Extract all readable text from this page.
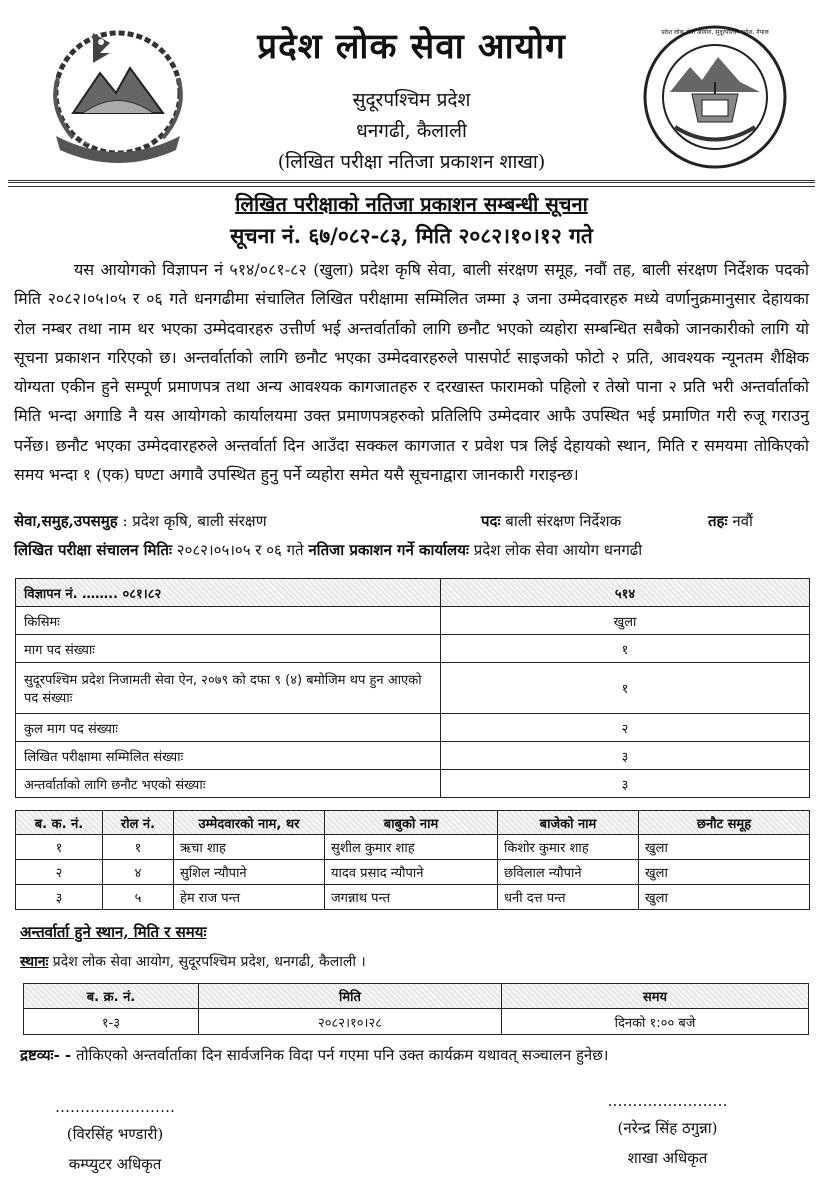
जननी जन्मभूमिश्च स्वर्गादपि गरीयसी
प्रदेश लोक सेवा आयोग, सुदूरपश्चिम प्रदेश, नेपाल
प्रदेश लोक सेवा आयोग
सुदूरपश्चिम प्रदेश
धनगढी, कैलाली
(लिखित परीक्षा नतिजा प्रकाशन शाखा)
लिखित परीक्षाको नतिजा प्रकाशन सम्बन्धी सूचना
सूचना नं. ६७/०८२-८३, मिति २०८२।१०।१२ गते
यस आयोगको विज्ञापन नं ५१४/०८१-८२ (खुला) प्रदेश कृषि सेवा, बाली संरक्षण समूह, नवौं तह, बाली संरक्षण निर्देशक पदको मिति २०८२।०५।०५ र ०६ गते धनगढीमा संचालित लिखित परीक्षामा सम्मिलित जम्मा ३ जना उम्मेदवारहरु मध्ये वर्णानुक्रमानुसार देहायका रोल नम्बर तथा नाम थर भएका उम्मेदवारहरु उत्तीर्ण भई अन्तर्वार्ताको लागि छनौट भएको व्यहोरा सम्बन्धित सबैको जानकारीको लागि यो सूचना प्रकाशन गरिएको छ। अन्तर्वार्ताको लागि छनौट भएका उम्मेदवारहरुले पासपोर्ट साइजको फोटो २ प्रति, आवश्यक न्यूनतम शैक्षिक योग्यता एकीन हुने सम्पूर्ण प्रमाणपत्र तथा अन्य आवश्यक कागजातहरु र दरखास्त फारामको पहिलो र तेस्रो पाना २ प्रति भरी अन्तर्वार्ताको मिति भन्दा अगाडि नै यस आयोगको कार्यालयमा उक्त प्रमाणपत्रहरुको प्रतिलिपि उम्मेदवार आफै उपस्थित भई प्रमाणित गरी रुजू गराउनु पर्नेछ। छनौट भएका उम्मेदवारहरुले अन्तर्वार्ता दिन आउँदा सक्कल कागजात र प्रवेश पत्र लिई देहायको स्थान, मिति र समयमा तोकिएको समय भन्दा १ (एक) घण्टा अगावै उपस्थित हुनु पर्ने व्यहोरा समेत यसै सूचनाद्वारा जानकारी गराइन्छ।
सेवा,समुह,उपसमुह : प्रदेश कृषि, बाली संरक्षण	पदः बाली संरक्षण निर्देशक	तहः नवौं
लिखित परीक्षा संचालन मितिः २०८२।०५।०५ र ०६ गते नतिजा प्रकाशन गर्ने कार्यालयः प्रदेश लोक सेवा आयोग धनगढी
विज्ञापन नं. …….. ०८१।८२	५१४
किसिमः	खुला
माग पद संख्याः	१
सुदूरपश्चिम प्रदेश निजामती सेवा ऐन, २०७९ को दफा ९ (४) बमोजिम थप हुन आएको पद संख्याः	१
कुल माग पद संख्याः	२
लिखित परीक्षामा सम्मिलित संख्याः	३
अन्तर्वार्ताको लागि छनौट भएको संख्याः	३
ब. क. नं.	रोल नं.	उम्मेदवारको नाम, थर	बाबुको नाम	बाजेको नाम	छनौट समूह
१	१	ऋचा शाह	सुशील कुमार शाह	किशोर कुमार शाह	खुला
२	४	सुशिल न्यौपाने	यादव प्रसाद न्यौपाने	छविलाल न्यौपाने	खुला
३	५	हेम राज पन्त	जगन्नाथ पन्त	धनी दत्त पन्त	खुला
अन्तर्वार्ता हुने स्थान, मिति र समयः
स्थानः प्रदेश लोक सेवा आयोग, सुदूरपश्चिम प्रदेश, धनगढी, कैलाली ।
ब. क्र. नं.	मिति	समय
१-३	२०८२।१०।२८	दिनको १:०० बजे
द्रष्टव्यः- - तोकिएको अन्तर्वार्ताका दिन सार्वजनिक विदा पर्न गएमा पनि उक्त कार्यक्रम यथावत् सञ्चालन हुनेछ।
……………………
(विरसिंह भण्डारी)
कम्प्युटर अधिकृत
……………………
(नरेन्द्र सिंह ठगुन्ना)
शाखा अधिकृत
